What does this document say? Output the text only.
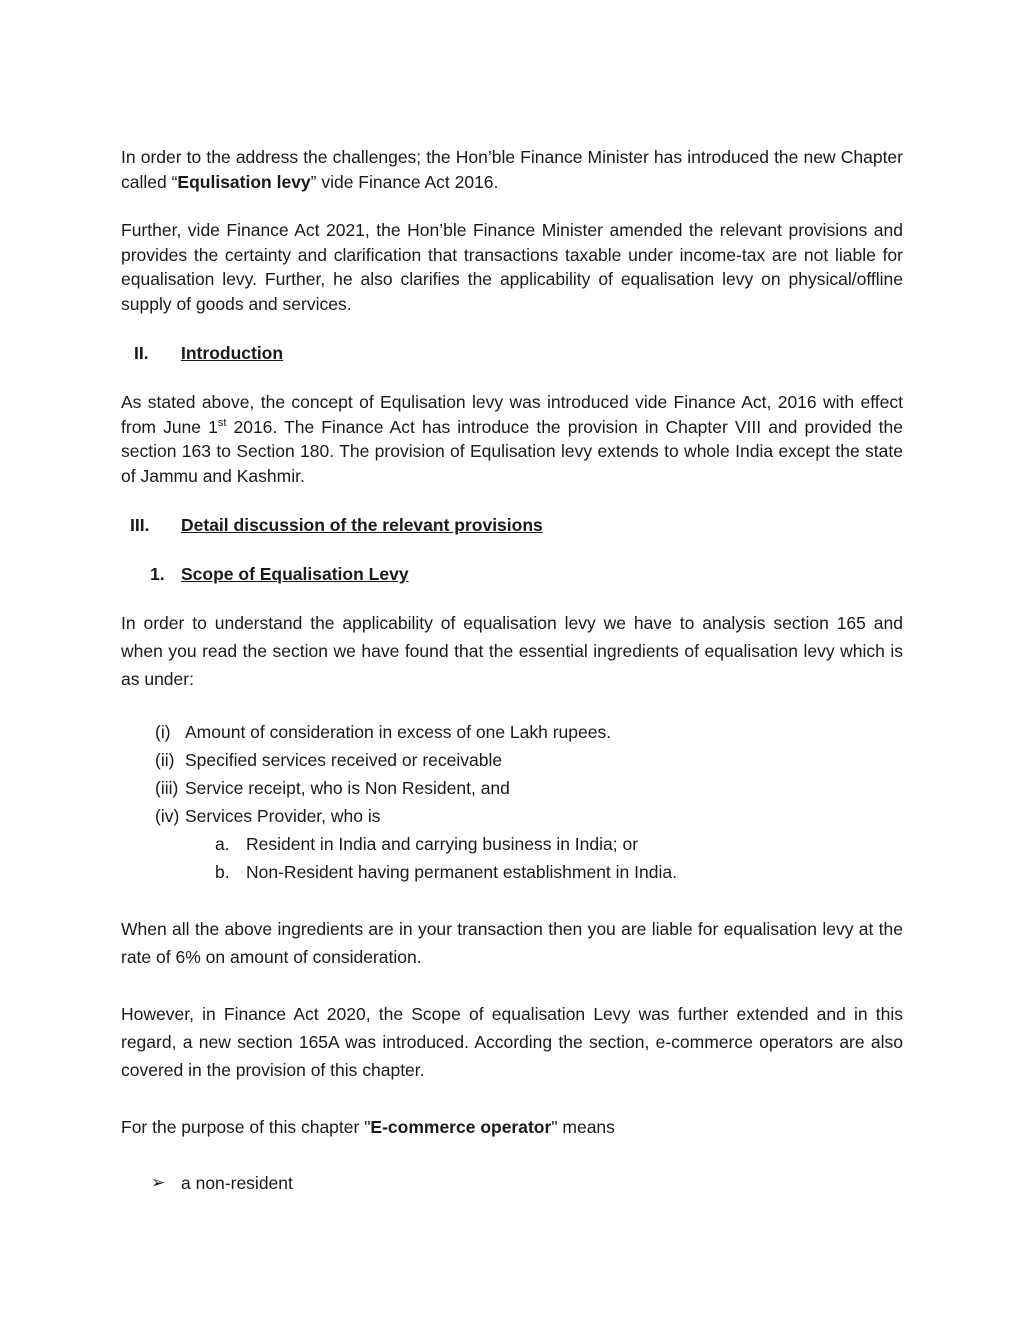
In order to the address the challenges; the Hon’ble Finance Minister has introduced the new Chapter called “Equlisation levy” vide Finance Act 2016.

Further, vide Finance Act 2021, the Hon’ble Finance Minister amended the relevant provisions and provides the certainty and clarification that transactions taxable under income-tax are not liable for equalisation levy. Further, he also clarifies the applicability of equalisation levy on physical/offline supply of goods and services.

II. Introduction

As stated above, the concept of Equlisation levy was introduced vide Finance Act, 2016 with effect from June 1st 2016. The Finance Act has introduce the provision in Chapter VIII and provided the section 163 to Section 180. The provision of Equlisation levy extends to whole India except the state of Jammu and Kashmir.

III. Detail discussion of the relevant provisions
1. Scope of Equalisation Levy

In order to understand the applicability of equalisation levy we have to analysis section 165 and when you read the section we have found that the essential ingredients of equalisation levy which is as under:

(i) Amount of consideration in excess of one Lakh rupees.
(ii) Specified services received or receivable
(iii) Service receipt, who is Non Resident, and
(iv) Services Provider, who is
a. Resident in India and carrying business in India; or
b. Non-Resident having permanent establishment in India.

When all the above ingredients are in your transaction then you are liable for equalisation levy at the rate of 6% on amount of consideration.

However, in Finance Act 2020, the Scope of equalisation Levy was further extended and in this regard, a new section 165A was introduced. According the section, e-commerce operators are also covered in the provision of this chapter.

For the purpose of this chapter "E-commerce operator" means

➢ a non-resident
